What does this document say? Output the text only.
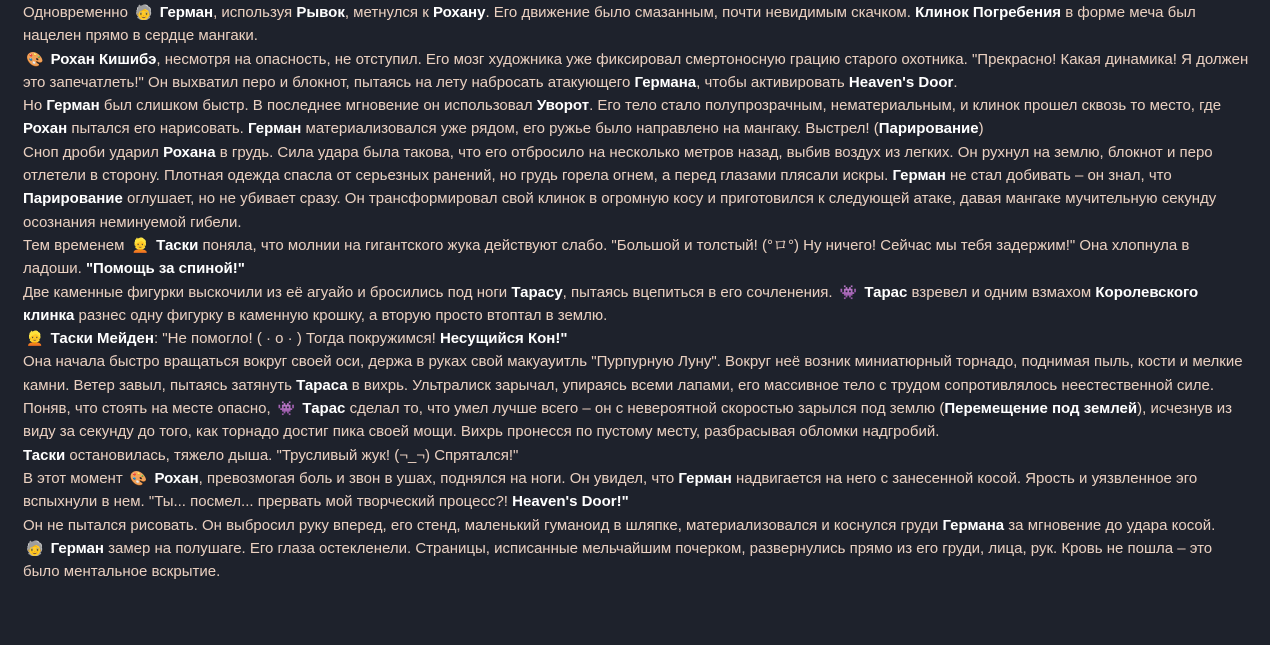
Одновременно 🧓 Герман, используя Рывок, метнулся к Рохану. Его движение было смазанным, почти невидимым скачком. Клинок Погребения в форме меча был нацелен прямо в сердце мангаки.

🎨 Рохан Кишибэ, несмотря на опасность, не отступил. Его мозг художника уже фиксировал смертоносную грацию старого охотника. "Прекрасно! Какая динамика! Я должен это запечатлеть!" Он выхватил перо и блокнот, пытаясь на лету набросать атакующего Германа, чтобы активировать Heaven's Door.

Но Герман был слишком быстр. В последнее мгновение он использовал Уворот. Его тело стало полупрозрачным, нематериальным, и клинок прошел сквозь то место, где Рохан пытался его нарисовать. Герман материализовался уже рядом, его ружье было направлено на мангаку. Выстрел! (Парирование)

Сноп дроби ударил Рохана в грудь. Сила удара была такова, что его отбросило на несколько метров назад, выбив воздух из легких. Он рухнул на землю, блокнот и перо отлетели в сторону. Плотная одежда спасла от серьезных ранений, но грудь горела огнем, а перед глазами плясали искры. Герман не стал добивать – он знал, что Парирование оглушает, но не убивает сразу. Он трансформировал свой клинок в огромную косу и приготовился к следующей атаке, давая мангаке мучительную секунду осознания неминуемой гибели.

Тем временем 👱 Таски поняла, что молнии на гигантского жука действуют слабо. "Большой и толстый! (°ロ°) Ну ничего! Сейчас мы тебя задержим!" Она хлопнула в ладоши. "Помощь за спиной!"

Две каменные фигурки выскочили из её агуайо и бросились под ноги Тарасу, пытаясь вцепиться в его сочленения. 👾 Тарас взревел и одним взмахом Королевского клинка разнес одну фигурку в каменную крошку, а вторую просто втоптал в землю.

👱 Таски Мейден: "Не помогло! ( · o · ) Тогда покружимся! Несущийся Кон!"

Она начала быстро вращаться вокруг своей оси, держа в руках свой макуауитль "Пурпурную Луну". Вокруг неё возник миниатюрный торнадо, поднимая пыль, кости и мелкие камни. Ветер завыл, пытаясь затянуть Тараса в вихрь. Ультралиск зарычал, упираясь всеми лапами, его массивное тело с трудом сопротивлялось неестественной силе. Поняв, что стоять на месте опасно, 👾 Тарас сделал то, что умел лучше всего – он с невероятной скоростью зарылся под землю (Перемещение под землей), исчезнув из виду за секунду до того, как торнадо достиг пика своей мощи. Вихрь пронесся по пустому месту, разбрасывая обломки надгробий.

Таски остановилась, тяжело дыша. "Трусливый жук! (¬_¬) Спрятался!"

В этот момент 🎨 Рохан, превозмогая боль и звон в ушах, поднялся на ноги. Он увидел, что Герман надвигается на него с занесенной косой. Ярость и уязвленное эго вспыхнули в нем. "Ты... посмел... прервать мой творческий процесс?! Heaven's Door!"

Он не пытался рисовать. Он выбросил руку вперед, его стенд, маленький гуманоид в шляпке, материализовался и коснулся груди Германа за мгновение до удара косой.

🧓 Герман замер на полушаге. Его глаза остекленели. Страницы, исписанные мельчайшим почерком, развернулись прямо из его груди, лица, рук. Кровь не пошла – это было ментальное вскрытие.
